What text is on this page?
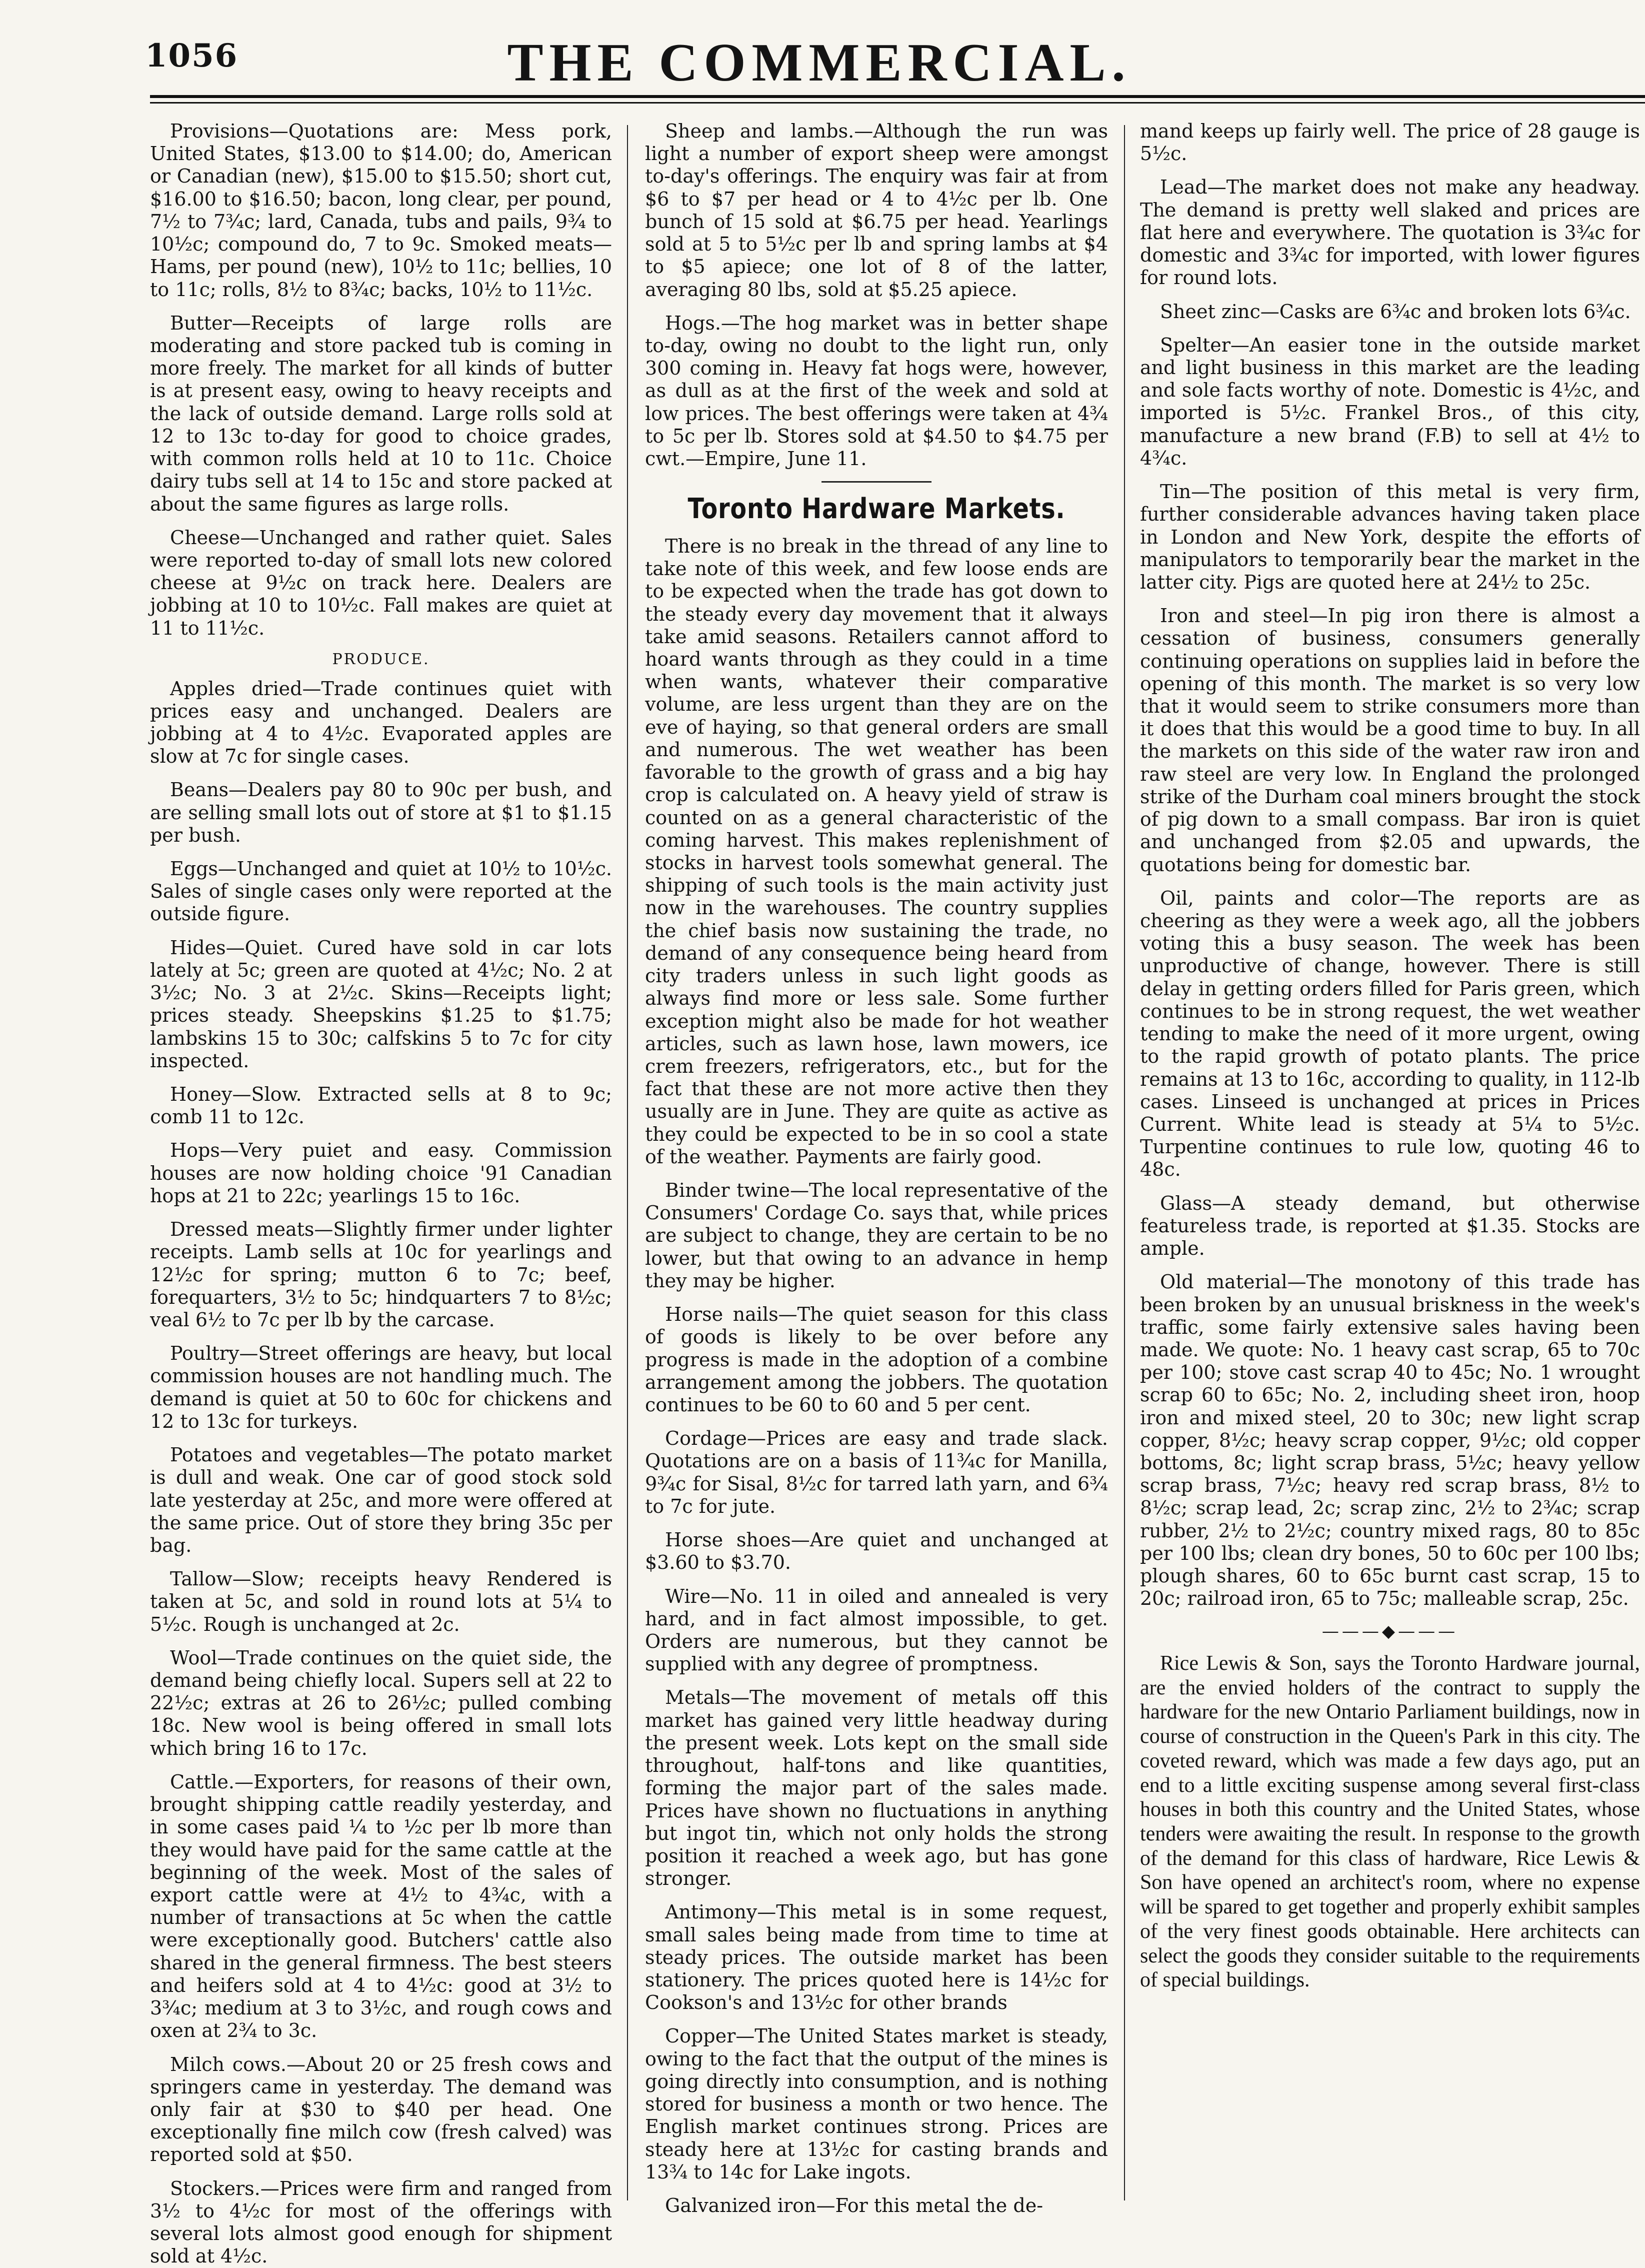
1056	THE COMMERCIAL.

Provisions—Quotations are: Mess pork, United States, $13.00 to $14.00; do, American or Canadian (new), $15.00 to $15.50; short cut, $16.00 to $16.50; bacon, long clear, per pound, 7½ to 7¾c; lard, Canada, tubs and pails, 9¾ to 10½c; compound do, 7 to 9c. Smoked meats—Hams, per pound (new), 10½ to 11c; bellies, 10 to 11c; rolls, 8½ to 8¾c; backs, 10½ to 11½c.

Butter—Receipts of large rolls are moderating and store packed tub is coming in more freely. The market for all kinds of butter is at present easy, owing to heavy receipts and the lack of outside demand. Large rolls sold at 12 to 13c to-day for good to choice grades, with common rolls held at 10 to 11c. Choice dairy tubs sell at 14 to 15c and store packed at about the same figures as large rolls.

Cheese—Unchanged and rather quiet. Sales were reported to-day of small lots new colored cheese at 9½c on track here. Dealers are jobbing at 10 to 10½c. Fall makes are quiet at 11 to 11½c.

PRODUCE.

Apples dried—Trade continues quiet with prices easy and unchanged. Dealers are jobbing at 4 to 4½c. Evaporated apples are slow at 7c for single cases.

Beans—Dealers pay 80 to 90c per bush, and are selling small lots out of store at $1 to $1.15 per bush.

Eggs—Unchanged and quiet at 10½ to 10½c. Sales of single cases only were reported at the outside figure.

Hides—Quiet. Cured have sold in car lots lately at 5c; green are quoted at 4½c; No. 2 at 3½c; No. 3 at 2½c. Skins—Receipts light; prices steady. Sheepskins $1.25 to $1.75; lambskins 15 to 30c; calfskins 5 to 7c for city inspected.

Honey—Slow. Extracted sells at 8 to 9c; comb 11 to 12c.

Hops—Very puiet and easy. Commission houses are now holding choice '91 Canadian hops at 21 to 22c; yearlings 15 to 16c.

Dressed meats—Slightly firmer under lighter receipts. Lamb sells at 10c for yearlings and 12½c for spring; mutton 6 to 7c; beef, forequarters, 3½ to 5c; hindquarters 7 to 8½c; veal 6½ to 7c per lb by the carcase.

Poultry—Street offerings are heavy, but local commission houses are not handling much. The demand is quiet at 50 to 60c for chickens and 12 to 13c for turkeys.

Potatoes and vegetables—The potato market is dull and weak. One car of good stock sold late yesterday at 25c, and more were offered at the same price. Out of store they bring 35c per bag.

Tallow—Slow; receipts heavy Rendered is taken at 5c, and sold in round lots at 5¼ to 5½c. Rough is unchanged at 2c.

Wool—Trade continues on the quiet side, the demand being chiefly local. Supers sell at 22 to 22½c; extras at 26 to 26½c; pulled combing 18c. New wool is being offered in small lots which bring 16 to 17c.

Cattle.—Exporters, for reasons of their own, brought shipping cattle readily yesterday, and in some cases paid ¼ to ½c per lb more than they would have paid for the same cattle at the beginning of the week. Most of the sales of export cattle were at 4½ to 4¾c, with a number of transactions at 5c when the cattle were exceptionally good. Butchers' cattle also shared in the general firmness. The best steers and heifers sold at 4 to 4½c: good at 3½ to 3¾c; medium at 3 to 3½c, and rough cows and oxen at 2¾ to 3c.

Milch cows.—About 20 or 25 fresh cows and springers came in yesterday. The demand was only fair at $30 to $40 per head. One exceptionally fine milch cow (fresh calved) was reported sold at $50.

Stockers.—Prices were firm and ranged from 3½ to 4½c for most of the offerings with several lots almost good enough for shipment sold at 4½c.

Sheep and lambs.—Although the run was light a number of export sheep were amongst to-day's offerings. The enquiry was fair at from $6 to $7 per head or 4 to 4½c per lb. One bunch of 15 sold at $6.75 per head. Yearlings sold at 5 to 5½c per lb and spring lambs at $4 to $5 apiece; one lot of 8 of the latter, averaging 80 lbs, sold at $5.25 apiece.

Hogs.—The hog market was in better shape to-day, owing no doubt to the light run, only 300 coming in. Heavy fat hogs were, however, as dull as at the first of the week and sold at low prices. The best offerings were taken at 4¾ to 5c per lb. Stores sold at $4.50 to $4.75 per cwt.—Empire, June 11.

Toronto Hardware Markets.

There is no break in the thread of any line to take note of this week, and few loose ends are to be expected when the trade has got down to the steady every day movement that it always take amid seasons. Retailers cannot afford to hoard wants through as they could in a time when wants, whatever their comparative volume, are less urgent than they are on the eve of haying, so that general orders are small and numerous. The wet weather has been favorable to the growth of grass and a big hay crop is calculated on. A heavy yield of straw is counted on as a general characteristic of the coming harvest. This makes replenishment of stocks in harvest tools somewhat general. The shipping of such tools is the main activity just now in the warehouses. The country supplies the chief basis now sustaining the trade, no demand of any consequence being heard from city traders unless in such light goods as always find more or less sale. Some further exception might also be made for hot weather articles, such as lawn hose, lawn mowers, ice crem freezers, refrigerators, etc., but for the fact that these are not more active then they usually are in June. They are quite as active as they could be expected to be in so cool a state of the weather. Payments are fairly good.

Binder twine—The local representative of the Consumers' Cordage Co. says that, while prices are subject to change, they are certain to be no lower, but that owing to an advance in hemp they may be higher.

Horse nails—The quiet season for this class of goods is likely to be over before any progress is made in the adoption of a combine arrangement among the jobbers. The quotation continues to be 60 to 60 and 5 per cent.

Cordage—Prices are easy and trade slack. Quotations are on a basis of 11¾c for Manilla, 9¾c for Sisal, 8½c for tarred lath yarn, and 6¾ to 7c for jute.

Horse shoes—Are quiet and unchanged at $3.60 to $3.70.

Wire—No. 11 in oiled and annealed is very hard, and in fact almost impossible, to get. Orders are numerous, but they cannot be supplied with any degree of promptness.

Metals—The movement of metals off this market has gained very little headway during the present week. Lots kept on the small side throughout, half-tons and like quantities, forming the major part of the sales made. Prices have shown no fluctuations in anything but ingot tin, which not only holds the strong position it reached a week ago, but has gone stronger.

Antimony—This metal is in some request, small sales being made from time to time at steady prices. The outside market has been stationery. The prices quoted here is 14½c for Cookson's and 13½c for other brands

Copper—The United States market is steady, owing to the fact that the output of the mines is going directly into consumption, and is nothing stored for business a month or two hence. The English market continues strong. Prices are steady here at 13½c for casting brands and 13¾ to 14c for Lake ingots.

Galvanized iron—For this metal the de-

mand keeps up fairly well. The price of 28 gauge is 5½c.

Lead—The market does not make any headway. The demand is pretty well slaked and prices are flat here and everywhere. The quotation is 3¾c for domestic and 3¾c for imported, with lower figures for round lots.

Sheet zinc—Casks are 6¾c and broken lots 6¾c.

Spelter—An easier tone in the outside market and light business in this market are the leading and sole facts worthy of note. Domestic is 4½c, and imported is 5½c. Frankel Bros., of this city, manufacture a new brand (F.B) to sell at 4½ to 4¾c.

Tin—The position of this metal is very firm, further considerable advances having taken place in London and New York, despite the efforts of manipulators to temporarily bear the market in the latter city. Pigs are quoted here at 24½ to 25c.

Iron and steel—In pig iron there is almost a cessation of business, consumers generally continuing operations on supplies laid in before the opening of this month. The market is so very low that it would seem to strike consumers more than it does that this would be a good time to buy. In all the markets on this side of the water raw iron and raw steel are very low. In England the prolonged strike of the Durham coal miners brought the stock of pig down to a small compass. Bar iron is quiet and unchanged from $2.05 and upwards, the quotations being for domestic bar.

Oil, paints and color—The reports are as cheering as they were a week ago, all the jobbers voting this a busy season. The week has been unproductive of change, however. There is still delay in getting orders filled for Paris green, which continues to be in strong request, the wet weather tending to make the need of it more urgent, owing to the rapid growth of potato plants. The price remains at 13 to 16c, according to quality, in 112-lb cases. Linseed is unchanged at prices in Prices Current. White lead is steady at 5¼ to 5½c. Turpentine continues to rule low, quoting 46 to 48c.

Glass—A steady demand, but otherwise featureless trade, is reported at $1.35. Stocks are ample.

Old material—The monotony of this trade has been broken by an unusual briskness in the week's traffic, some fairly extensive sales having been made. We quote: No. 1 heavy cast scrap, 65 to 70c per 100; stove cast scrap 40 to 45c; No. 1 wrought scrap 60 to 65c; No. 2, including sheet iron, hoop iron and mixed steel, 20 to 30c; new light scrap copper, 8½c; heavy scrap copper, 9½c; old copper bottoms, 8c; light scrap brass, 5½c; heavy yellow scrap brass, 7½c; heavy red scrap brass, 8½ to 8½c; scrap lead, 2c; scrap zinc, 2½ to 2¾c; scrap rubber, 2½ to 2½c; country mixed rags, 80 to 85c per 100 lbs; clean dry bones, 50 to 60c per 100 lbs; plough shares, 60 to 65c burnt cast scrap, 15 to 20c; railroad iron, 65 to 75c; malleable scrap, 25c.

———◆———

Rice Lewis & Son, says the Toronto Hardware journal, are the envied holders of the contract to supply the hardware for the new Ontario Parliament buildings, now in course of construction in the Queen's Park in this city. The coveted reward, which was made a few days ago, put an end to a little exciting suspense among several first-class houses in both this country and the United States, whose tenders were awaiting the result. In response to the growth of the demand for this class of hardware, Rice Lewis & Son have opened an architect's room, where no expense will be spared to get together and properly exhibit samples of the very finest goods obtainable. Here architects can select the goods they consider suitable to the requirements of special buildings.
